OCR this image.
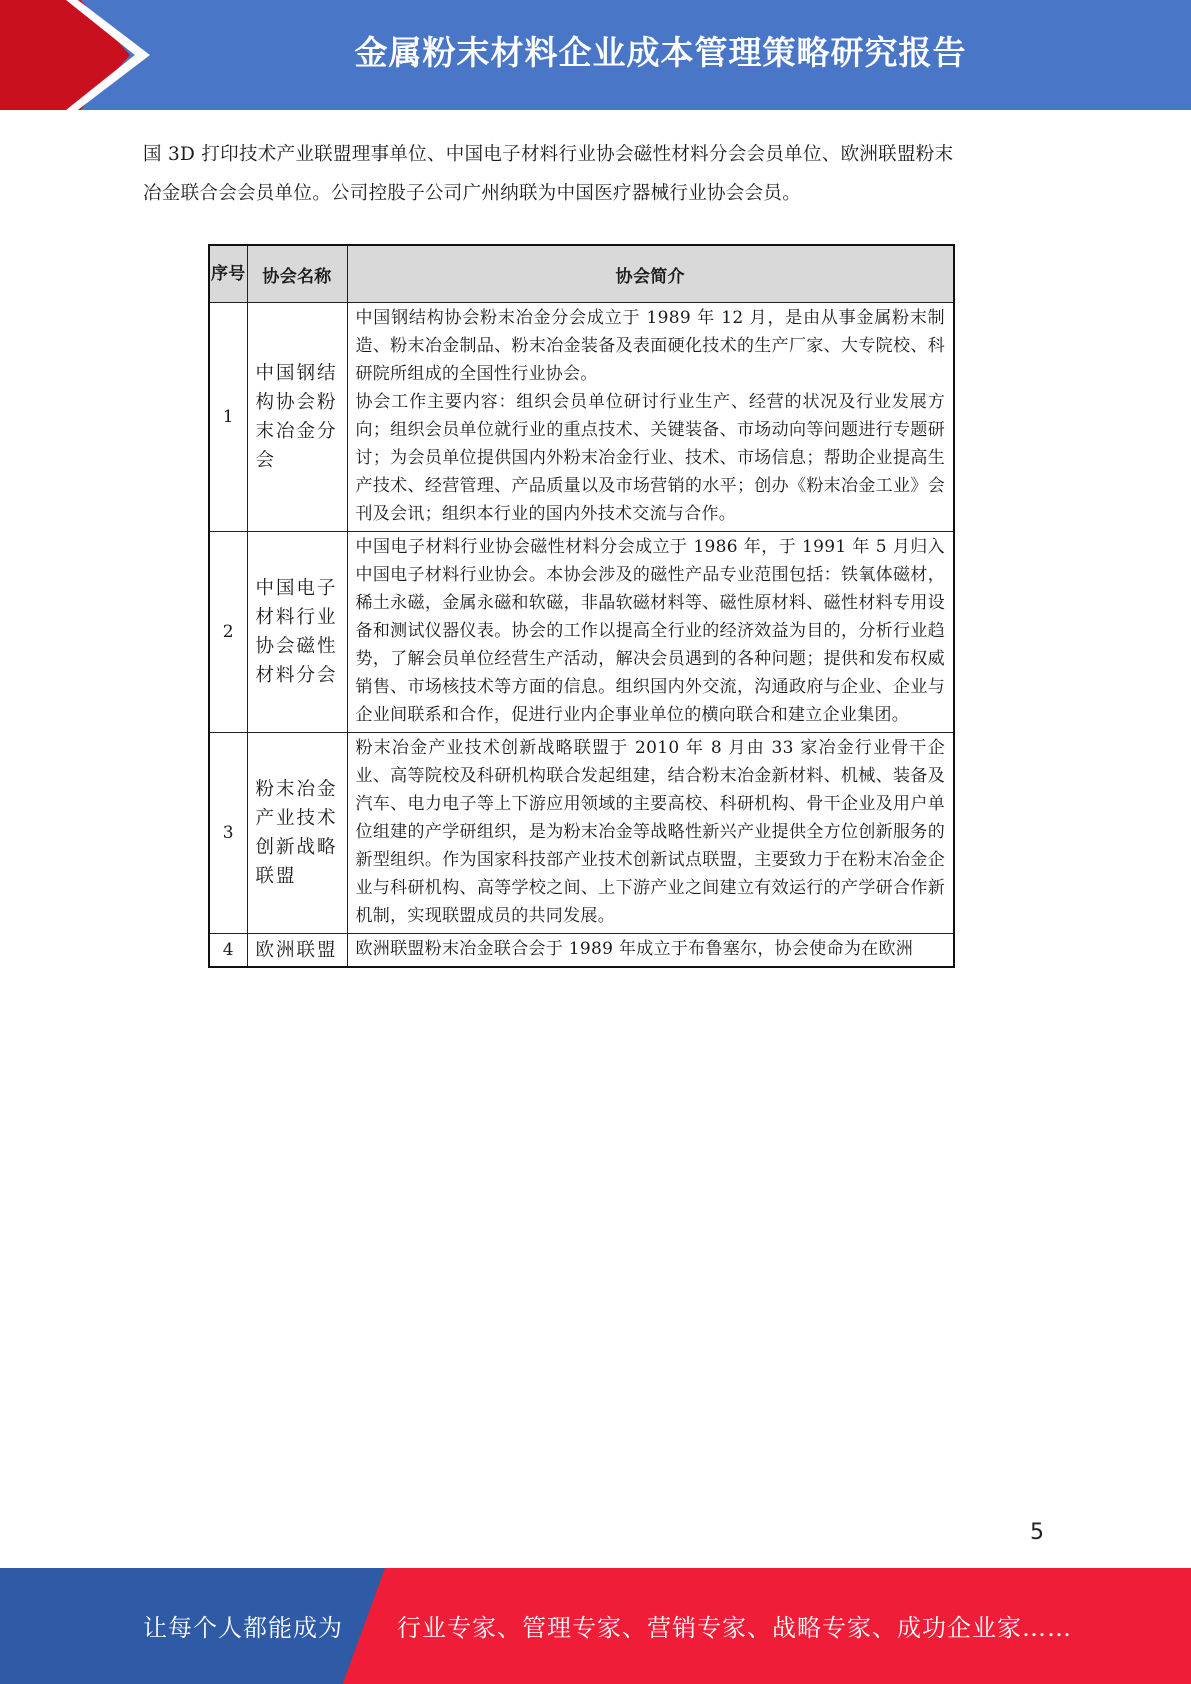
金属粉末材料企业成本管理策略研究报告

国 3D 打印技术产业联盟理事单位、中国电子材料行业协会磁性材料分会会员单位、欧洲联盟粉末

冶金联合会会员单位。公司控股子公司广州纳联为中国医疗器械行业协会会员。

序号	协会名称	协会简介
1	中国钢结构协会粉末冶金分会	中国钢结构协会粉末冶金分会成立于 1989 年 12 月，是由从事金属粉末制造、粉末冶金制品、粉末冶金装备及表面硬化技术的生产厂家、大专院校、科研院所组成的全国性行业协会。
协会工作主要内容：组织会员单位研讨行业生产、经营的状况及行业发展方向；组织会员单位就行业的重点技术、关键装备、市场动向等问题进行专题研讨；为会员单位提供国内外粉末冶金行业、技术、市场信息；帮助企业提高生产技术、经营管理、产品质量以及市场营销的水平；创办《粉末冶金工业》会刊及会讯；组织本行业的国内外技术交流与合作。

2	中国电子材料行业协会磁性材料分会	中国电子材料行业协会磁性材料分会成立于 1986 年，于 1991 年 5 月归入中国电子材料行业协会。本协会涉及的磁性产品专业范围包括：铁氧体磁材，稀土永磁，金属永磁和软磁，非晶软磁材料等、磁性原材料、磁性材料专用设备和测试仪器仪表。协会的工作以提高全行业的经济效益为目的，分析行业趋势，了解会员单位经营生产活动，解决会员遇到的各种问题；提供和发布权威销售、市场核技术等方面的信息。组织国内外交流，沟通政府与企业、企业与企业间联系和合作，促进行业内企事业单位的横向联合和建立企业集团。
3	粉末冶金产业技术创新战略联盟	粉末冶金产业技术创新战略联盟于 2010 年 8 月由 33 家冶金行业骨干企业、高等院校及科研机构联合发起组建，结合粉末冶金新材料、机械、装备及汽车、电力电子等上下游应用领域的主要高校、科研机构、骨干企业及用户单位组建的产学研组织，是为粉末冶金等战略性新兴产业提供全方位创新服务的新型组织。作为国家科技部产业技术创新试点联盟，主要致力于在粉末冶金企业与科研机构、高等学校之间、上下游产业之间建立有效运行的产学研合作新机制，实现联盟成员的共同发展。
4	欧洲联盟	欧洲联盟粉末冶金联合会于 1989 年成立于布鲁塞尔，协会使命为在欧洲
5
让每个人都能成为 行业专家、管理专家、营销专家、战略专家、成功企业家……
